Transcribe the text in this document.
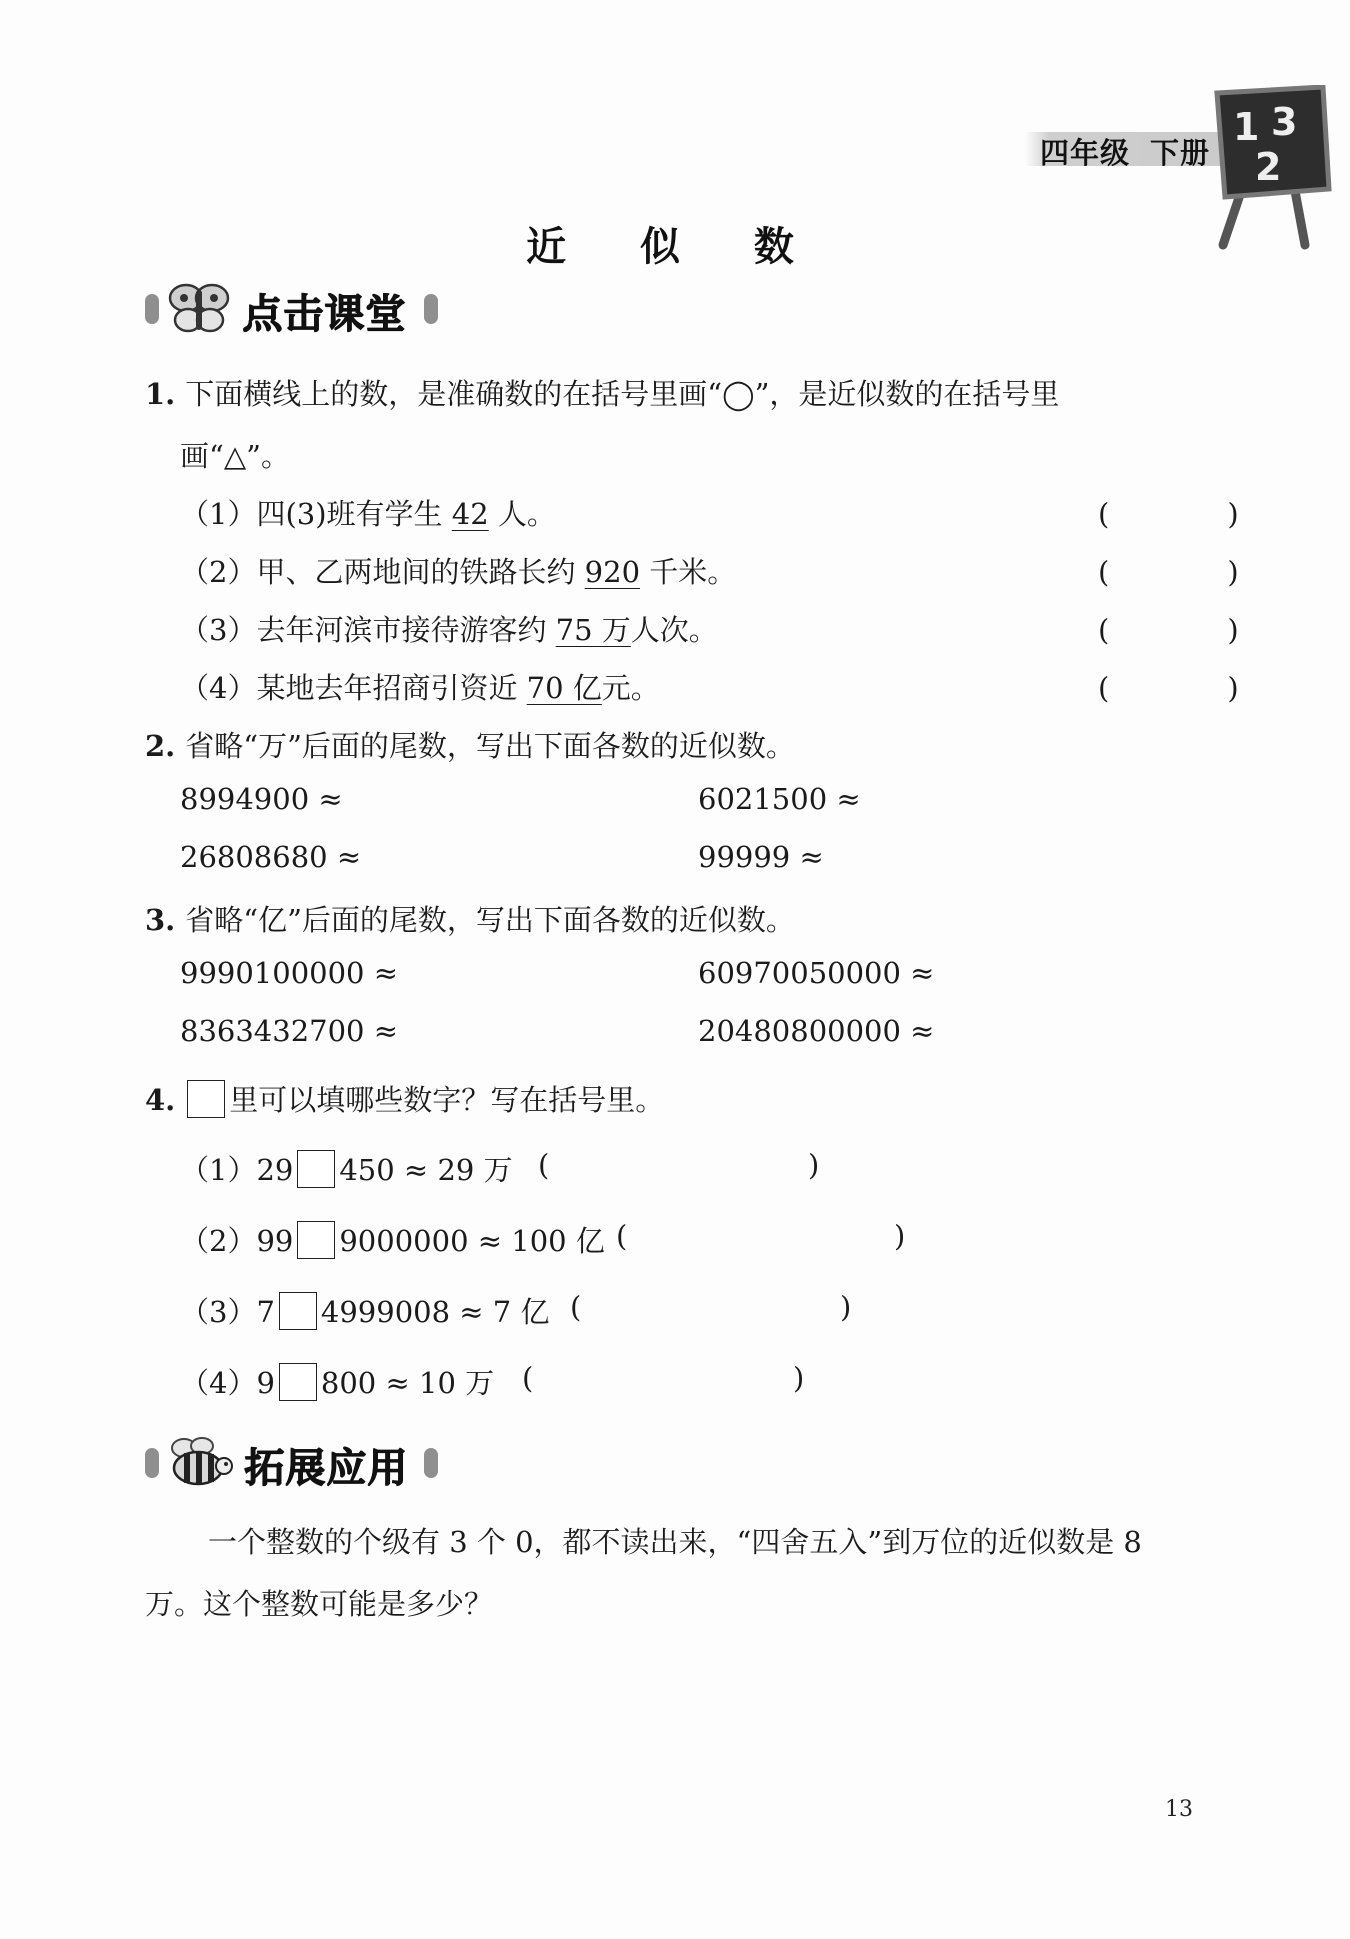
四年级 下册
1 3
2
近 似 数
点击课堂
1. 下面横线上的数，是准确数的在括号里画“◯”，是近似数的在括号里
画“△”。
（1）四(3)班有学生 42 人。	(　　)
（2）甲、乙两地间的铁路长约 920 千米。	(　　)
（3）去年河滨市接待游客约 75 万人次。	(　　)
（4）某地去年招商引资近 70 亿元。	(　　)
2. 省略“万”后面的尾数，写出下面各数的近似数。
8994900 ≈	6021500 ≈
26808680 ≈	99999 ≈
3. 省略“亿”后面的尾数，写出下面各数的近似数。
9990100000 ≈	60970050000 ≈
8363432700 ≈	20480800000 ≈
4. 里可以填哪些数字？写在括号里。
（1）29 450 ≈ 29 万 (	)
（2）99 9000000 ≈ 100 亿 (	)
（3）7 4999008 ≈ 7 亿 (	)
（4）9 800 ≈ 10 万 (	)
拓展应用
一个整数的个级有 3 个 0，都不读出来，“四舍五入”到万位的近似数是 8
万。这个整数可能是多少？
13
